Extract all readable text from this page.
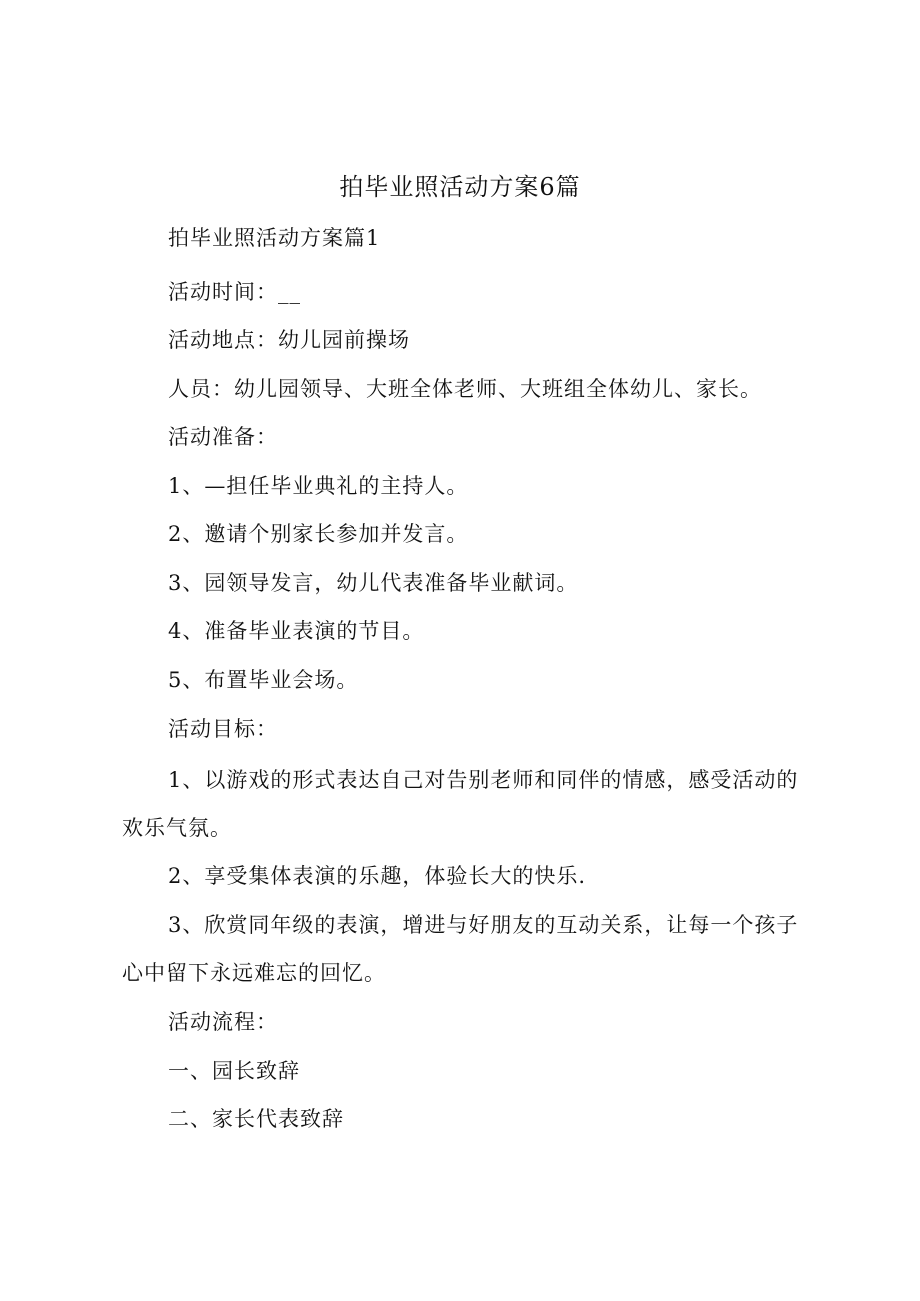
拍毕业照活动方案6篇
拍毕业照活动方案篇1
活动时间：__
活动地点：幼儿园前操场
人员：幼儿园领导、大班全体老师、大班组全体幼儿、家长。
活动准备：
1、—担任毕业典礼的主持人。
2、邀请个别家长参加并发言。
3、园领导发言，幼儿代表准备毕业献词。
4、准备毕业表演的节目。
5、布置毕业会场。
活动目标：
1、以游戏的形式表达自己对告别老师和同伴的情感，感受活动的欢乐气氛。
2、享受集体表演的乐趣，体验长大的快乐.
3、欣赏同年级的表演，增进与好朋友的互动关系，让每一个孩子心中留下永远难忘的回忆。
活动流程：
一、园长致辞
二、家长代表致辞
